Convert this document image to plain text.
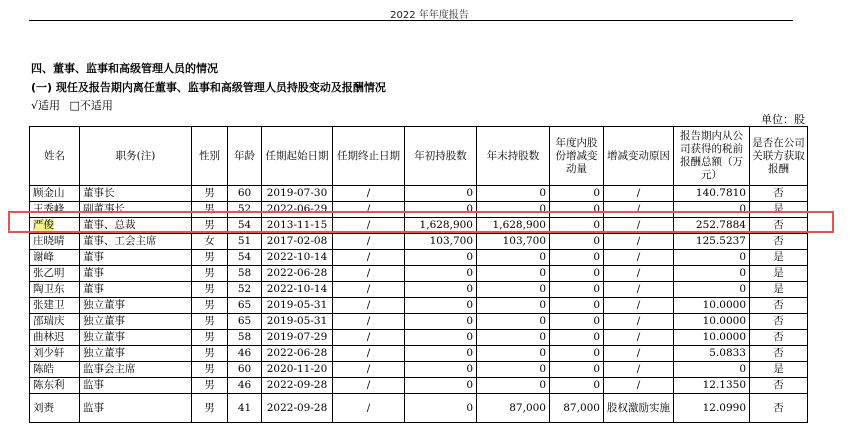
2022 年年度报告
四、董事、监事和高级管理人员的情况
(一) 现任及报告期内离任董事、监事和高级管理人员持股变动及报酬情况
√适用 □不适用
单位：股
姓名	职务(注)	性别	年龄	任期起始日期	任期终止日期	年初持股数	年末持股数	年度内股份增减变动量	增减变动原因	报告期内从公司获得的税前报酬总额（万元）	是否在公司关联方获取报酬
顾金山	董事长	男	60	2019-07-30	/	0	0	0	/	140.7810	否
王秀峰	副董事长	男	52	2022-06-29	/	0	0	0	/	0	是
严俊	董事、总裁	男	54	2013-11-15	/	1,628,900	1,628,900	0	/	252.7884	否
庄晓晴	董事、工会主席	女	51	2017-02-08	/	103,700	103,700	0	/	125.5237	否
谢峰	董事	男	54	2022-10-14	/	0	0	0	/	0	是
张乙明	董事	男	58	2022-06-28	/	0	0	0	/	0	是
陶卫东	董事	男	52	2022-10-14	/	0	0	0	/	0	是
张建卫	独立董事	男	65	2019-05-31	/	0	0	0	/	10.0000	否
邵瑞庆	独立董事	男	65	2019-05-31	/	0	0	0	/	10.0000	否
曲林迟	独立董事	男	58	2019-07-29	/	0	0	0	/	10.0000	否
刘少轩	独立董事	男	46	2022-06-28	/	0	0	0	/	5.0833	否
陈皓	监事会主席	男	60	2020-11-20	/	0	0	0	/	0	是
陈东利	监事	男	46	2022-09-28	/	0	0	0	/	12.1350	否
刘赉	监事	男	41	2022-09-28	/	0	87,000	87,000	股权激励实施	12.0990	否
